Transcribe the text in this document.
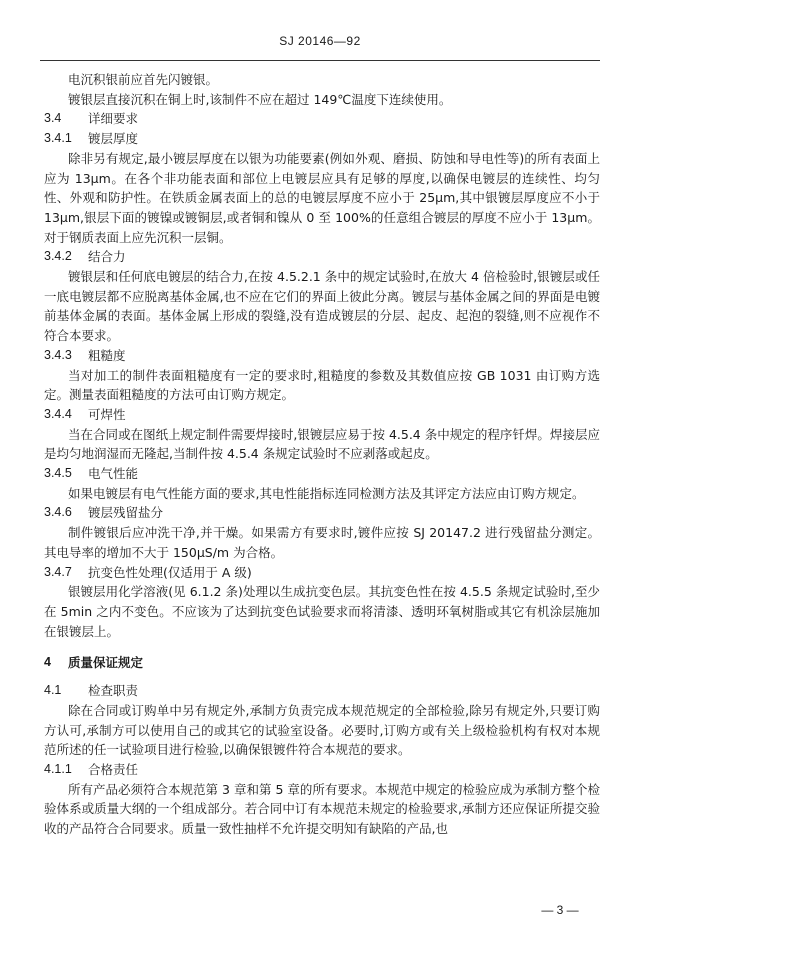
SJ 20146—92

电沉积银前应首先闪镀银。

镀银层直接沉积在铜上时,该制件不应在超过 149℃温度下连续使用。

3.4	详细要求
3.4.1	镀层厚度

除非另有规定,最小镀层厚度在以银为功能要素(例如外观、磨损、防蚀和导电性等)的所有表面上应为 13μm。在各个非功能表面和部位上电镀层应具有足够的厚度,以确保电镀层的连续性、均匀性、外观和防护性。在铁质金属表面上的总的电镀层厚度不应小于 25μm,其中银镀层厚度应不小于 13μm,银层下面的镀镍或镀铜层,或者铜和镍从 0 至 100%的任意组合镀层的厚度不应小于 13μm。对于钢质表面上应先沉积一层铜。

3.4.2	结合力

镀银层和任何底电镀层的结合力,在按 4.5.2.1 条中的规定试验时,在放大 4 倍检验时,银镀层或任一底电镀层都不应脱离基体金属,也不应在它们的界面上彼此分离。镀层与基体金属之间的界面是电镀前基体金属的表面。基体金属上形成的裂缝,没有造成镀层的分层、起皮、起泡的裂缝,则不应视作不符合本要求。

3.4.3	粗糙度

当对加工的制件表面粗糙度有一定的要求时,粗糙度的参数及其数值应按 GB 1031 由订购方选定。测量表面粗糙度的方法可由订购方规定。

3.4.4	可焊性

当在合同或在图纸上规定制件需要焊接时,银镀层应易于按 4.5.4 条中规定的程序钎焊。焊接层应是均匀地润湿而无隆起,当制件按 4.5.4 条规定试验时不应剥落或起皮。

3.4.5	电气性能

如果电镀层有电气性能方面的要求,其电性能指标连同检测方法及其评定方法应由订购方规定。

3.4.6	镀层残留盐分

制件镀银后应冲洗干净,并干燥。如果需方有要求时,镀件应按 SJ 20147.2 进行残留盐分测定。其电导率的增加不大于 150μS/m 为合格。

3.4.7	抗变色性处理(仅适用于 A 级)

银镀层用化学溶液(见 6.1.2 条)处理以生成抗变色层。其抗变色性在按 4.5.5 条规定试验时,至少在 5min 之内不变色。不应该为了达到抗变色试验要求而将清漆、透明环氧树脂或其它有机涂层施加在银镀层上。

4	质量保证规定
4.1	检查职责

除在合同或订购单中另有规定外,承制方负责完成本规范规定的全部检验,除另有规定外,只要订购方认可,承制方可以使用自己的或其它的试验室设备。必要时,订购方或有关上级检验机构有权对本规范所述的任一试验项目进行检验,以确保银镀件符合本规范的要求。

4.1.1	合格责任

所有产品必须符合本规范第 3 章和第 5 章的所有要求。本规范中规定的检验应成为承制方整个检验体系或质量大纲的一个组成部分。若合同中订有本规范未规定的检验要求,承制方还应保证所提交验收的产品符合合同要求。质量一致性抽样不允许提交明知有缺陷的产品,也

— 3 —
